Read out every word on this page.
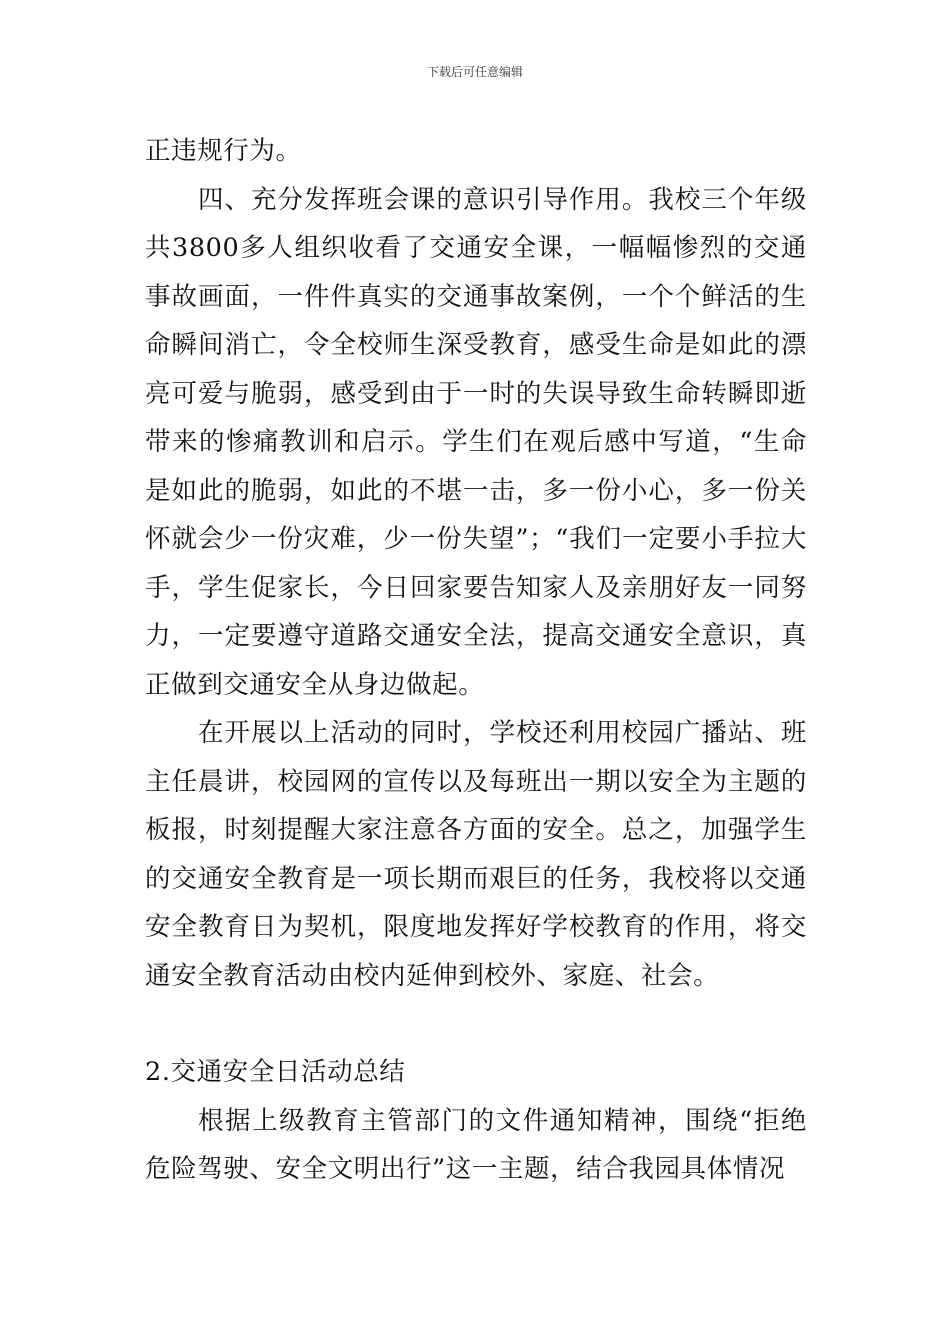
下载后可任意编辑

正违规行为。

四、充分发挥班会课的意识引导作用。我校三个年级共3800多人组织收看了交通安全课，一幅幅惨烈的交通事故画面，一件件真实的交通事故案例，一个个鲜活的生命瞬间消亡，令全校师生深受教育，感受生命是如此的漂亮可爱与脆弱，感受到由于一时的失误导致生命转瞬即逝带来的惨痛教训和启示。学生们在观后感中写道，“生命是如此的脆弱，如此的不堪一击，多一份小心，多一份关怀就会少一份灾难，少一份失望”；“我们一定要小手拉大手，学生促家长，今日回家要告知家人及亲朋好友一同努力，一定要遵守道路交通安全法，提高交通安全意识，真正做到交通安全从身边做起。

在开展以上活动的同时，学校还利用校园广播站、班主任晨讲，校园网的宣传以及每班出一期以安全为主题的板报，时刻提醒大家注意各方面的安全。总之，加强学生的交通安全教育是一项长期而艰巨的任务，我校将以交通安全教育日为契机，限度地发挥好学校教育的作用，将交通安全教育活动由校内延伸到校外、家庭、社会。

2.交通安全日活动总结

根据上级教育主管部门的文件通知精神，围绕“拒绝危险驾驶、安全文明出行”这一主题，结合我园具体情况
